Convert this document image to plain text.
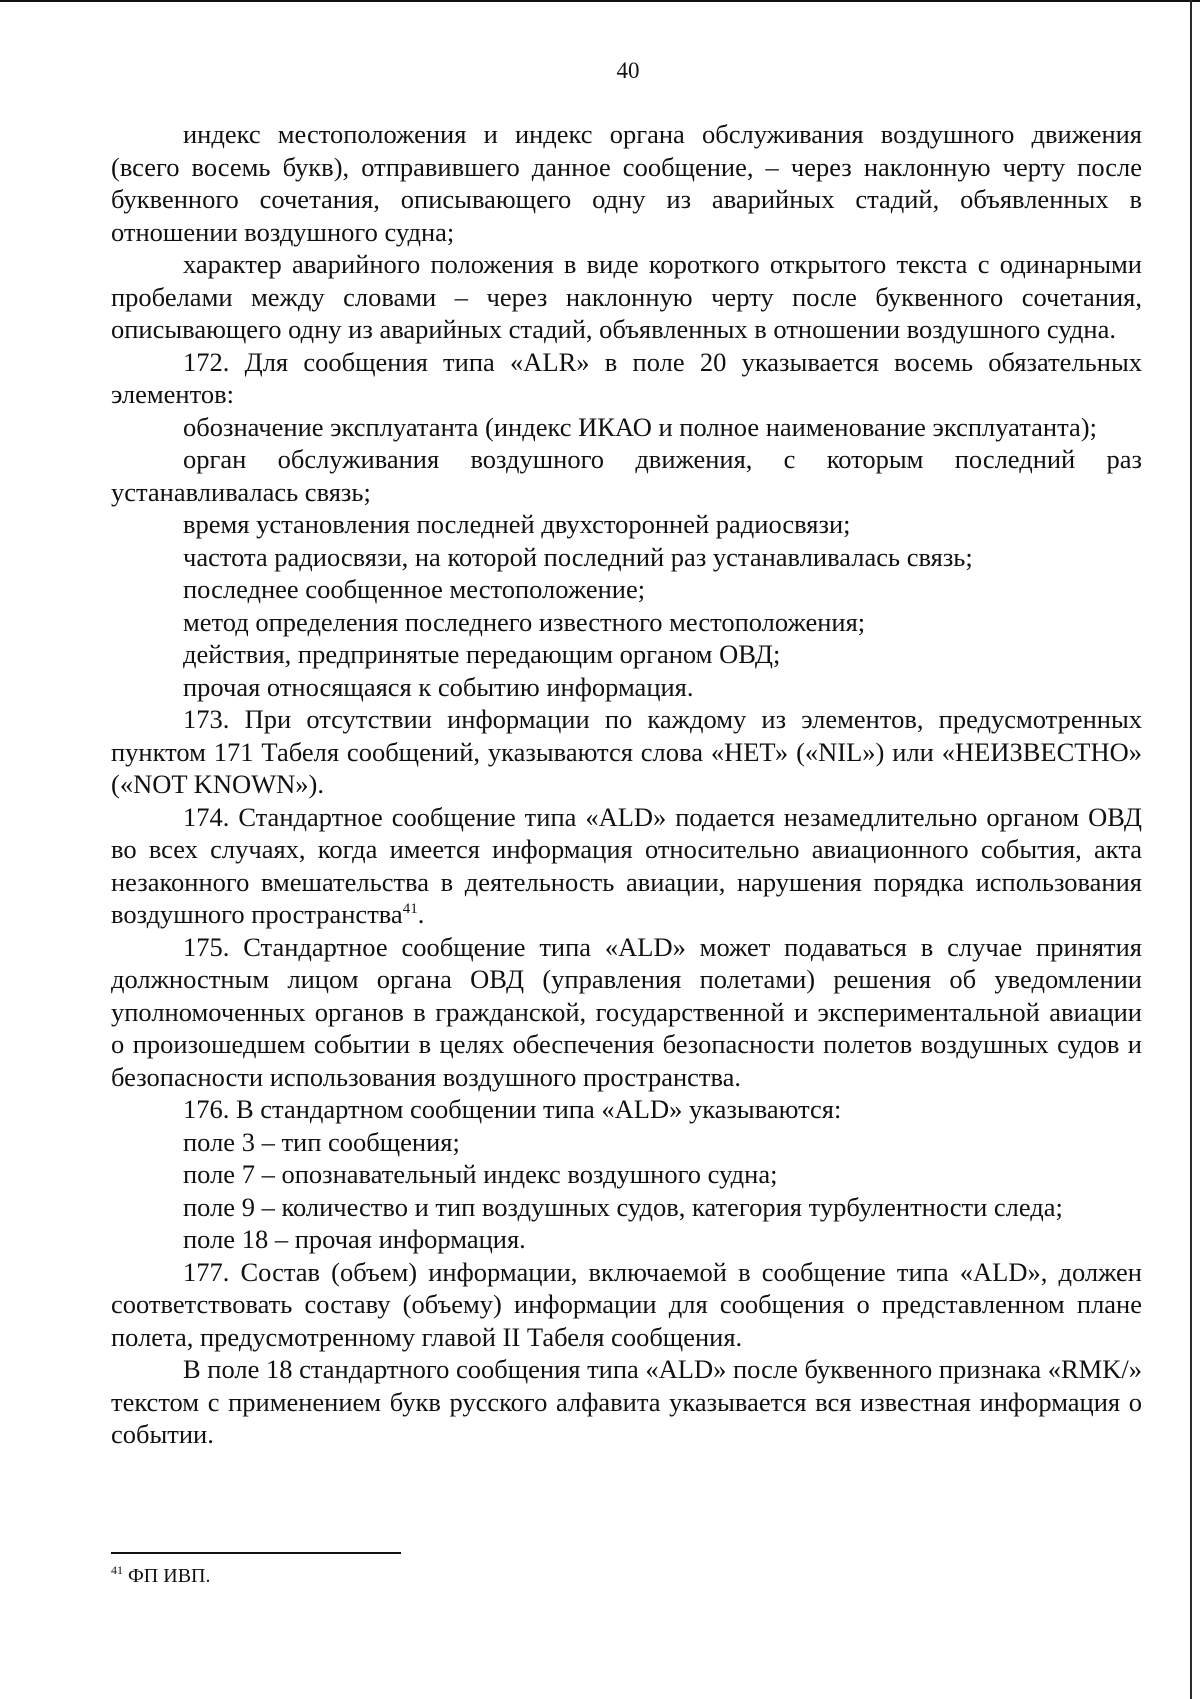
40

индекс местоположения и индекс органа обслуживания воздушного движения (всего восемь букв), отправившего данное сообщение, – через наклонную черту после буквенного сочетания, описывающего одну из аварийных стадий, объявленных в отношении воздушного судна;

характер аварийного положения в виде короткого открытого текста с одинарными пробелами между словами – через наклонную черту после буквенного сочетания, описывающего одну из аварийных стадий, объявленных в отношении воздушного судна.

172. Для сообщения типа «ALR» в поле 20 указывается восемь обязательных элементов:

обозначение эксплуатанта (индекс ИКАО и полное наименование эксплуатанта);

орган обслуживания воздушного движения, с которым последний раз устанавливалась связь;

время установления последней двухсторонней радиосвязи;

частота радиосвязи, на которой последний раз устанавливалась связь;

последнее сообщенное местоположение;

метод определения последнего известного местоположения;

действия, предпринятые передающим органом ОВД;

прочая относящаяся к событию информация.

173. При отсутствии информации по каждому из элементов, предусмотренных пунктом 171 Табеля сообщений, указываются слова «НЕТ» («NIL») или «НЕИЗВЕСТНО» («NOT KNOWN»).

174. Стандартное сообщение типа «ALD» подается незамедлительно органом ОВД во всех случаях, когда имеется информация относительно авиационного события, акта незаконного вмешательства в деятельность авиации, нарушения порядка использования воздушного пространства$^{41}$.

175. Стандартное сообщение типа «ALD» может подаваться в случае принятия должностным лицом органа ОВД (управления полетами) решения об уведомлении уполномоченных органов в гражданской, государственной и экспериментальной авиации о произошедшем событии в целях обеспечения безопасности полетов воздушных судов и безопасности использования воздушного пространства.

176. В стандартном сообщении типа «ALD» указываются:

поле 3 – тип сообщения;

поле 7 – опознавательный индекс воздушного судна;

поле 9 – количество и тип воздушных судов, категория турбулентности следа;

поле 18 – прочая информация.

177. Состав (объем) информации, включаемой в сообщение типа «ALD», должен соответствовать составу (объему) информации для сообщения о представленном плане полета, предусмотренному главой II Табеля сообщения.

В поле 18 стандартного сообщения типа «ALD» после буквенного признака «RMK/» текстом с применением букв русского алфавита указывается вся известная информация о событии.

$^{41}$ ФП ИВП.
